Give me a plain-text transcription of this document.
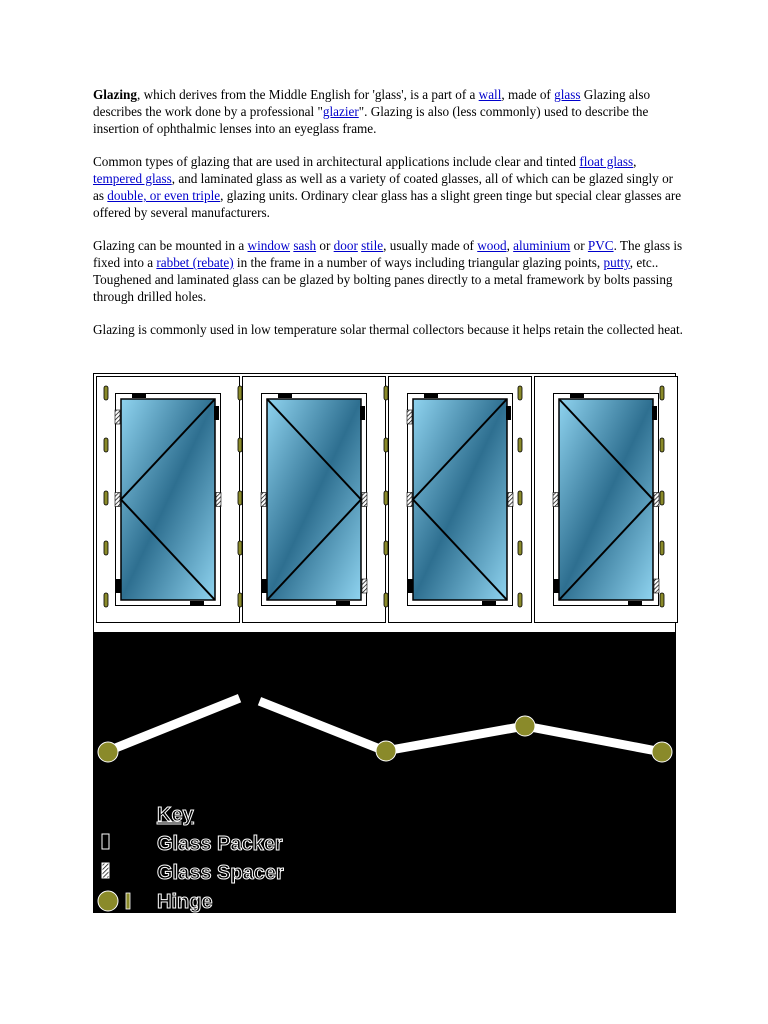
Glazing, which derives from the Middle English for 'glass', is a part of a wall, made of glass Glazing also describes the work done by a professional "glazier". Glazing is also (less commonly) used to describe the insertion of ophthalmic lenses into an eyeglass frame.

Common types of glazing that are used in architectural applications include clear and tinted float glass, tempered glass, and laminated glass as well as a variety of coated glasses, all of which can be glazed singly or as double, or even triple, glazing units. Ordinary clear glass has a slight green tinge but special clear glasses are offered by several manufacturers.

Glazing can be mounted in a window sash or door stile, usually made of wood, aluminium or PVC. The glass is fixed into a rabbet (rebate) in the frame in a number of ways including triangular glazing points, putty, etc.. Toughened and laminated glass can be glazed by bolting panes directly to a metal framework by bolts passing through drilled holes.

Glazing is commonly used in low temperature solar thermal collectors because it helps retain the collected heat.

Key
Glass Packer
Glass Spacer
Hinge
